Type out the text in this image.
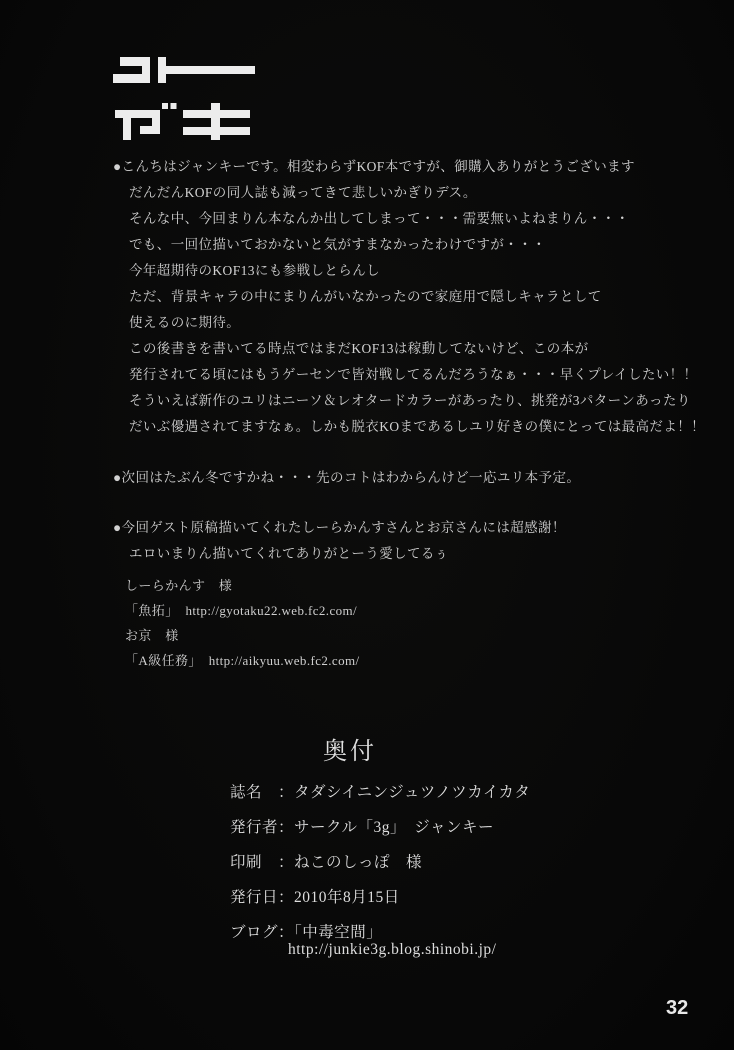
●こんちはジャンキーです。相変わらずKOF本ですが、御購入ありがとうございます
だんだんKOFの同人誌も減ってきて悲しいかぎりデス。
そんな中、今回まりん本なんか出してしまって・・・需要無いよねまりん・・・
でも、一回位描いておかないと気がすまなかったわけですが・・・
今年超期待のKOF13にも参戦しとらんし
ただ、背景キャラの中にまりんがいなかったので家庭用で隠しキャラとして
使えるのに期待。
この後書きを書いてる時点ではまだKOF13は稼動してないけど、この本が
発行されてる頃にはもうゲーセンで皆対戦してるんだろうなぁ・・・早くプレイしたい！！
そういえば新作のユリはニーソ＆レオタードカラーがあったり、挑発が3パターンあったり
だいぶ優遇されてますなぁ。しかも脱衣KOまであるしユリ好きの僕にとっては最高だよ！！
●次回はたぶん冬ですかね・・・先のコトはわからんけど一応ユリ本予定。
●今回ゲスト原稿描いてくれたしーらかんすさんとお京さんには超感謝！
エロいまりん描いてくれてありがとーう愛してるぅ
しーらかんす　様
「魚拓」　http://gyotaku22.web.fc2.com/
お京　様
「A級任務」　http://aikyuu.web.fc2.com/
奥付
誌名　：タダシイニンジュツノツカイカタ
発行者：サークル「3g」　ジャンキー
印刷　：ねこのしっぽ　様
発行日：2010年8月15日
ブログ：「中毒空間」
http://junkie3g.blog.shinobi.jp/
32
